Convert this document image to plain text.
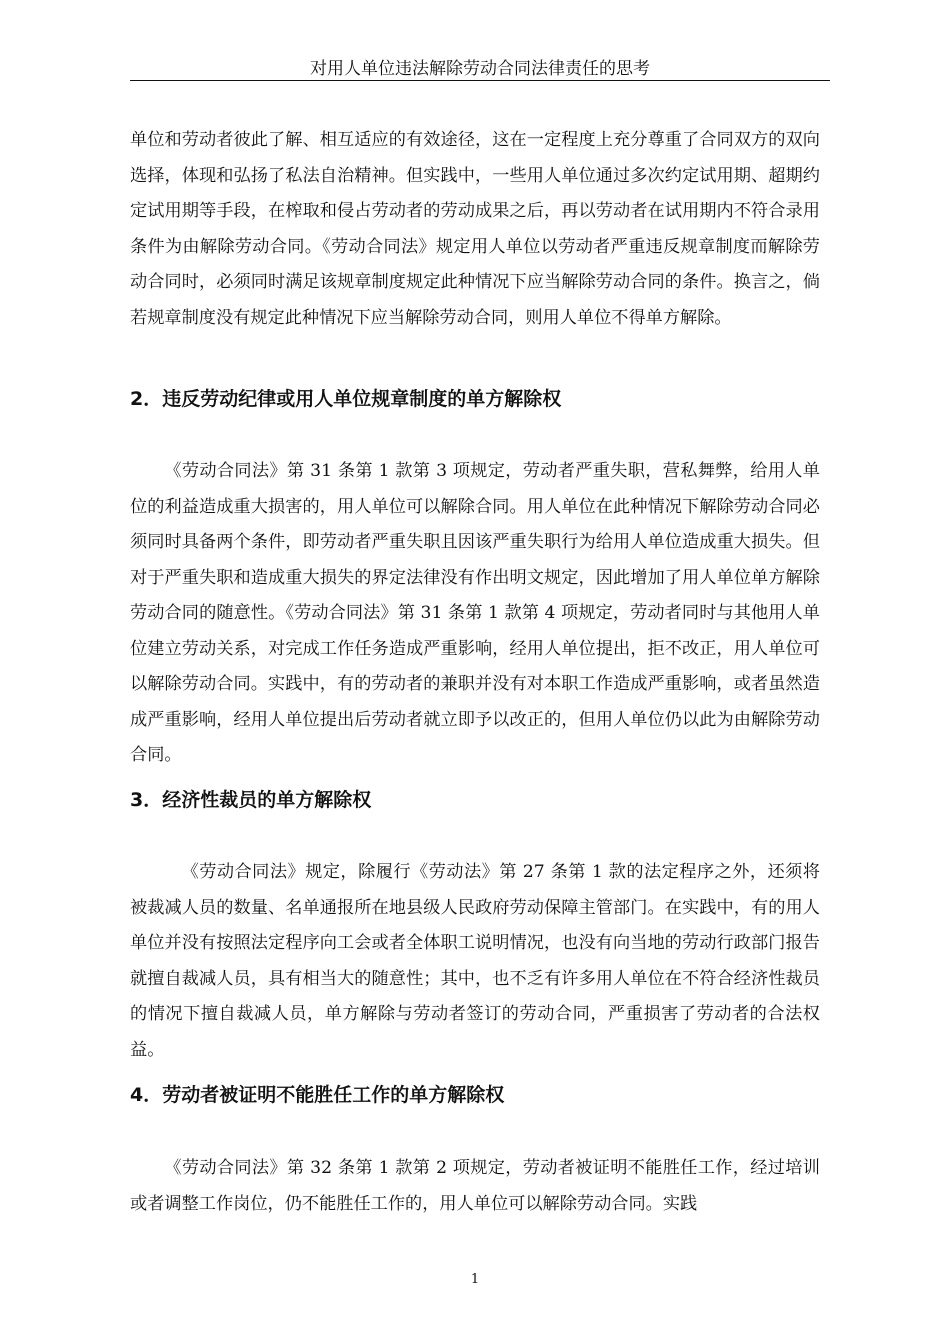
对用人单位违法解除劳动合同法律责任的思考

单位和劳动者彼此了解、相互适应的有效途径，这在一定程度上充分尊重了合同双方的双向选择，体现和弘扬了私法自治精神。但实践中，一些用人单位通过多次约定试用期、超期约定试用期等手段，在榨取和侵占劳动者的劳动成果之后，再以劳动者在试用期内不符合录用条件为由解除劳动合同。《劳动合同法》规定用人单位以劳动者严重违反规章制度而解除劳动合同时，必须同时满足该规章制度规定此种情况下应当解除劳动合同的条件。换言之，倘若规章制度没有规定此种情况下应当解除劳动合同，则用人单位不得单方解除。

2．违反劳动纪律或用人单位规章制度的单方解除权

《劳动合同法》第 31 条第 1 款第 3 项规定，劳动者严重失职，营私舞弊，给用人单位的利益造成重大损害的，用人单位可以解除合同。用人单位在此种情况下解除劳动合同必须同时具备两个条件，即劳动者严重失职且因该严重失职行为给用人单位造成重大损失。但对于严重失职和造成重大损失的界定法律没有作出明文规定，因此增加了用人单位单方解除劳动合同的随意性。《劳动合同法》第 31 条第 1 款第 4 项规定，劳动者同时与其他用人单位建立劳动关系，对完成工作任务造成严重影响，经用人单位提出，拒不改正，用人单位可以解除劳动合同。实践中，有的劳动者的兼职并没有对本职工作造成严重影响，或者虽然造成严重影响，经用人单位提出后劳动者就立即予以改正的，但用人单位仍以此为由解除劳动合同。

3．经济性裁员的单方解除权

《劳动合同法》规定，除履行《劳动法》第 27 条第 1 款的法定程序之外，还须将被裁减人员的数量、名单通报所在地县级人民政府劳动保障主管部门。在实践中，有的用人单位并没有按照法定程序向工会或者全体职工说明情况，也没有向当地的劳动行政部门报告就擅自裁减人员，具有相当大的随意性；其中，也不乏有许多用人单位在不符合经济性裁员的情况下擅自裁减人员，单方解除与劳动者签订的劳动合同，严重损害了劳动者的合法权益。

4．劳动者被证明不能胜任工作的单方解除权

《劳动合同法》第 32 条第 1 款第 2 项规定，劳动者被证明不能胜任工作，经过培训或者调整工作岗位，仍不能胜任工作的，用人单位可以解除劳动合同。实践

1
